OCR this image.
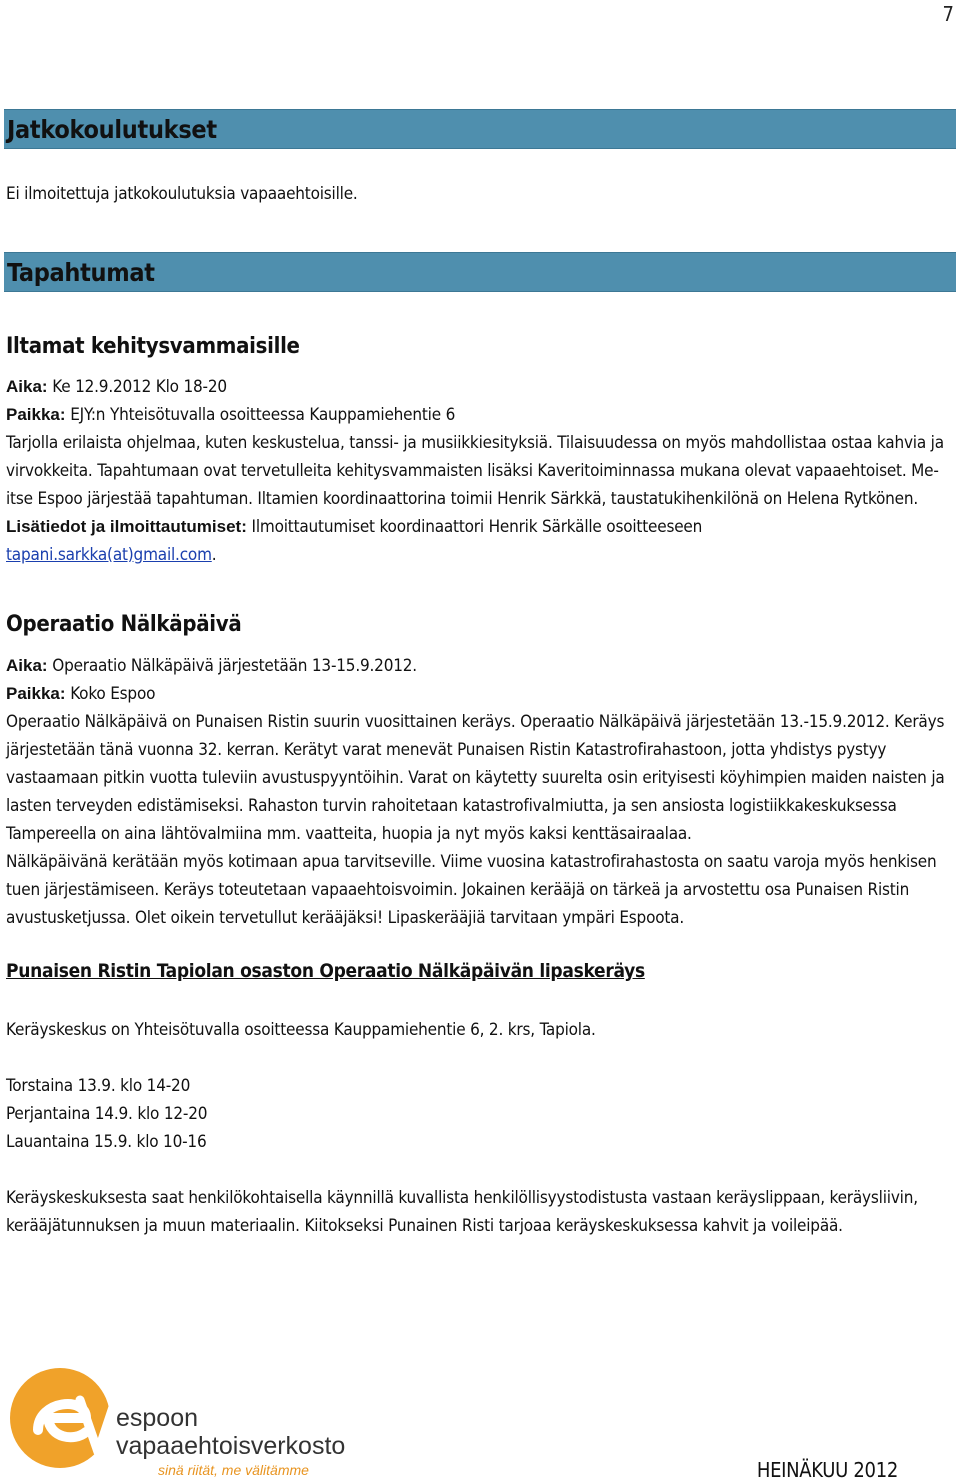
7
Jatkokoulutukset

Ei ilmoitettuja jatkokoulutuksia vapaaehtoisille.

Tapahtumat
Iltamat kehitysvammaisille
Aika: Ke 12.9.2012 Klo 18-20
Paikka: EJY:n Yhteisötuvalla osoitteessa Kauppamiehentie 6

Tarjolla erilaista ohjelmaa, kuten keskustelua, tanssi- ja musiikkiesityksiä. Tilaisuudessa on myös mahdollistaa ostaa kahvia ja virvokkeita. Tapahtumaan ovat tervetulleita kehitysvammaisten lisäksi Kaveritoiminnassa mukana olevat vapaaehtoiset. Me-itse Espoo järjestää tapahtuman. Iltamien koordinaattorina toimii Henrik Särkkä, taustatukihenkilönä on Helena Rytkönen.

Lisätiedot ja ilmoittautumiset: Ilmoittautumiset koordinaattori Henrik Särkälle osoitteeseen
tapani.sarkka(at)gmail.com.
Operaatio Nälkäpäivä
Aika: Operaatio Nälkäpäivä järjestetään 13-15.9.2012.
Paikka: Koko Espoo

Operaatio Nälkäpäivä on Punaisen Ristin suurin vuosittainen keräys. Operaatio Nälkäpäivä järjestetään 13.-15.9.2012. Keräys järjestetään tänä vuonna 32. kerran. Kerätyt varat menevät Punaisen Ristin Katastrofirahastoon, jotta yhdistys pystyy vastaamaan pitkin vuotta tuleviin avustuspyyntöihin. Varat on käytetty suurelta osin erityisesti köyhimpien maiden naisten ja lasten terveyden edistämiseksi. Rahaston turvin rahoitetaan katastrofivalmiutta, ja sen ansiosta logistiikkakeskuksessa Tampereella on aina lähtövalmiina mm. vaatteita, huopia ja nyt myös kaksi kenttäsairaalaa.

Nälkäpäivänä kerätään myös kotimaan apua tarvitseville. Viime vuosina katastrofirahastosta on saatu varoja myös henkisen tuen järjestämiseen. Keräys toteutetaan vapaaehtoisvoimin. Jokainen kerääjä on tärkeä ja arvostettu osa Punaisen Ristin avustusketjussa. Olet oikein tervetullut kerääjäksi! Lipaskerääjiä tarvitaan ympäri Espoota.

Punaisen Ristin Tapiolan osaston Operaatio Nälkäpäivän lipaskeräys

Keräyskeskus on Yhteisötuvalla osoitteessa Kauppamiehentie 6, 2. krs, Tapiola.

Torstaina 13.9. klo 14-20
Perjantaina 14.9. klo 12-20
Lauantaina 15.9. klo 10-16

Keräyskeskuksesta saat henkilökohtaisella käynnillä kuvallista henkilöllisyystodistusta vastaan keräyslippaan, keräysliivin, kerääjätunnuksen ja muun materiaalin. Kiitokseksi Punainen Risti tarjoaa keräyskeskuksessa kahvit ja voileipää.

espoon
vapaaehtoisverkosto
sinä riität, me välitämme	HEINÄKUU 2012
